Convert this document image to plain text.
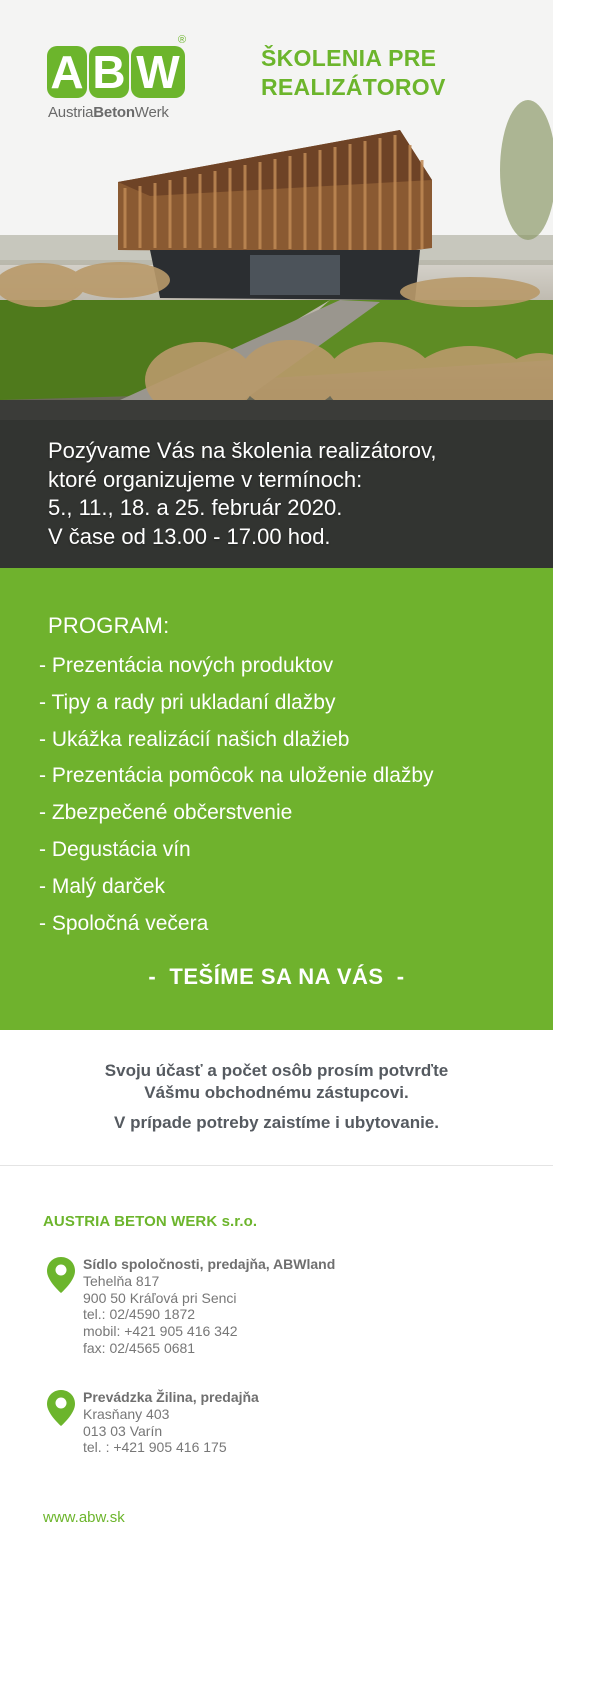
A B W
®
AustriaBetonWerk
ŠKOLENIA PRE
REALIZÁTOROV
Pozývame Vás na školenia realizátorov,
ktoré organizujeme v termínoch:
5., 11., 18. a 25. február 2020.
V čase od 13.00 - 17.00 hod.
PROGRAM:
- Prezentácia nových produktov
- Tipy a rady pri ukladaní dlažby
- Ukážka realizácií našich dlažieb
- Prezentácia pomôcok na uloženie dlažby
- Zbezpečené občerstvenie
- Degustácia vín
- Malý darček
- Spoločná večera
-  TEŠÍME SA NA VÁS  -
Svoju účasť a počet osôb prosím potvrďte
Vášmu obchodnému zástupcovi.
V prípade potreby zaistíme i ubytovanie.
AUSTRIA BETON WERK s.r.o.
Sídlo spoločnosti, predajňa, ABWland
Tehelňa 817
900 50 Kráľová pri Senci
tel.: 02/4590 1872
mobil: +421 905 416 342
fax: 02/4565 0681
Prevádzka Žilina, predajňa
Krasňany 403
013 03 Varín
tel. : +421 905 416 175
www.abw.sk
